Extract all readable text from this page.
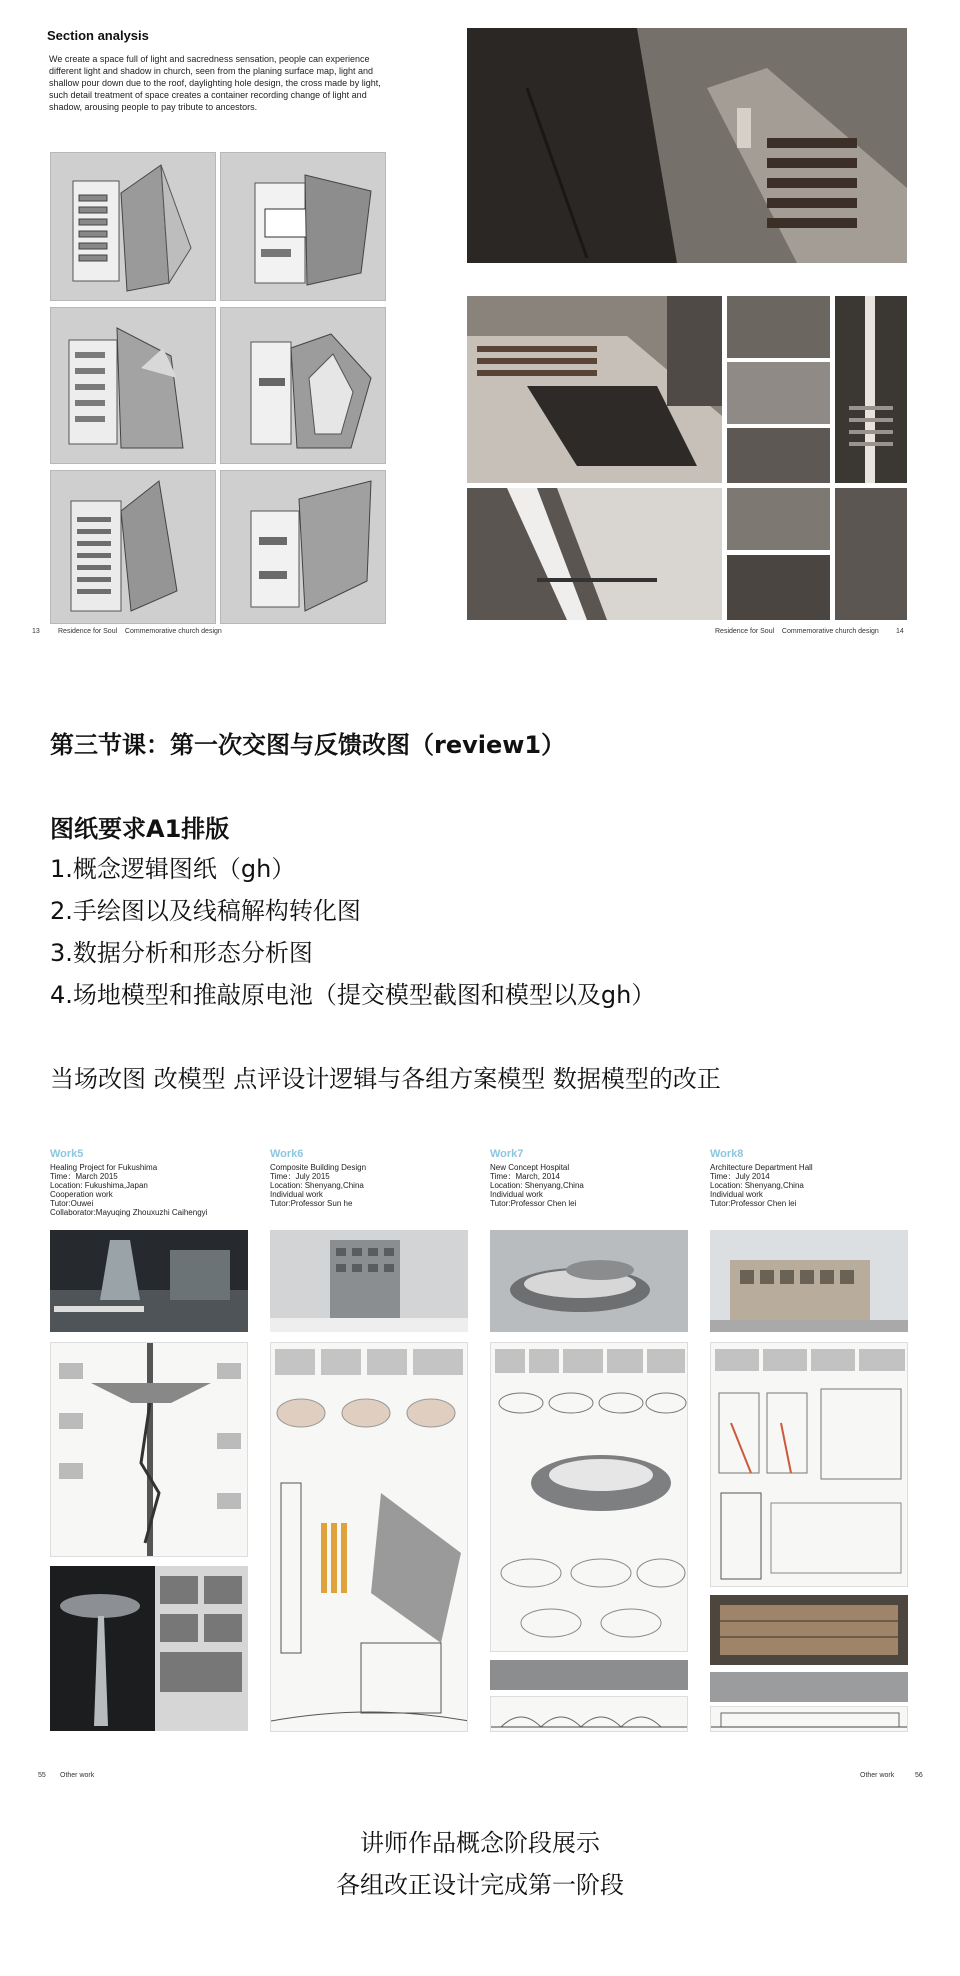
Section analysis
We create a space full of light and sacredness sensation, people can experience different light and shadow in church, seen from the planing surface map, light and shallow pour down due to the roof, daylighting hole design, the cross made by light, such detail treatment of space creates a container recording change of light and shadow, arousing people to pay tribute to ancestors.
13	Residence for Soul    Commemorative church design	Residence for Soul    Commemorative church design 14
第三节课：第一次交图与反馈改图（review1）
图纸要求A1排版
1.概念逻辑图纸（gh）
2.手绘图以及线稿解构转化图
3.数据分析和形态分析图
4.场地模型和推敲原电池（提交模型截图和模型以及gh）
当场改图 改模型 点评设计逻辑与各组方案模型 数据模型的改正
Work5
Healing Project for Fukushima
Time：March 2015
Location: Fukushima,Japan
Cooperation work
Tutor:Ouwei
Collaborator:Mayuqing Zhouxuzhi Caihengyi
Work6
Composite Building Design
Time：July 2015
Location: Shenyang,China
Individual work
Tutor:Professor Sun he
Work7
New Concept Hospital
Time：March, 2014
Location: Shenyang,China
Individual work
Tutor:Professor Chen lei
Work8
Architecture Department Hall
Time：July 2014
Location: Shenyang,China
Individual work
Tutor:Professor Chen lei
55 Other work	Other work	56
讲师作品概念阶段展示
各组改正设计完成第一阶段
